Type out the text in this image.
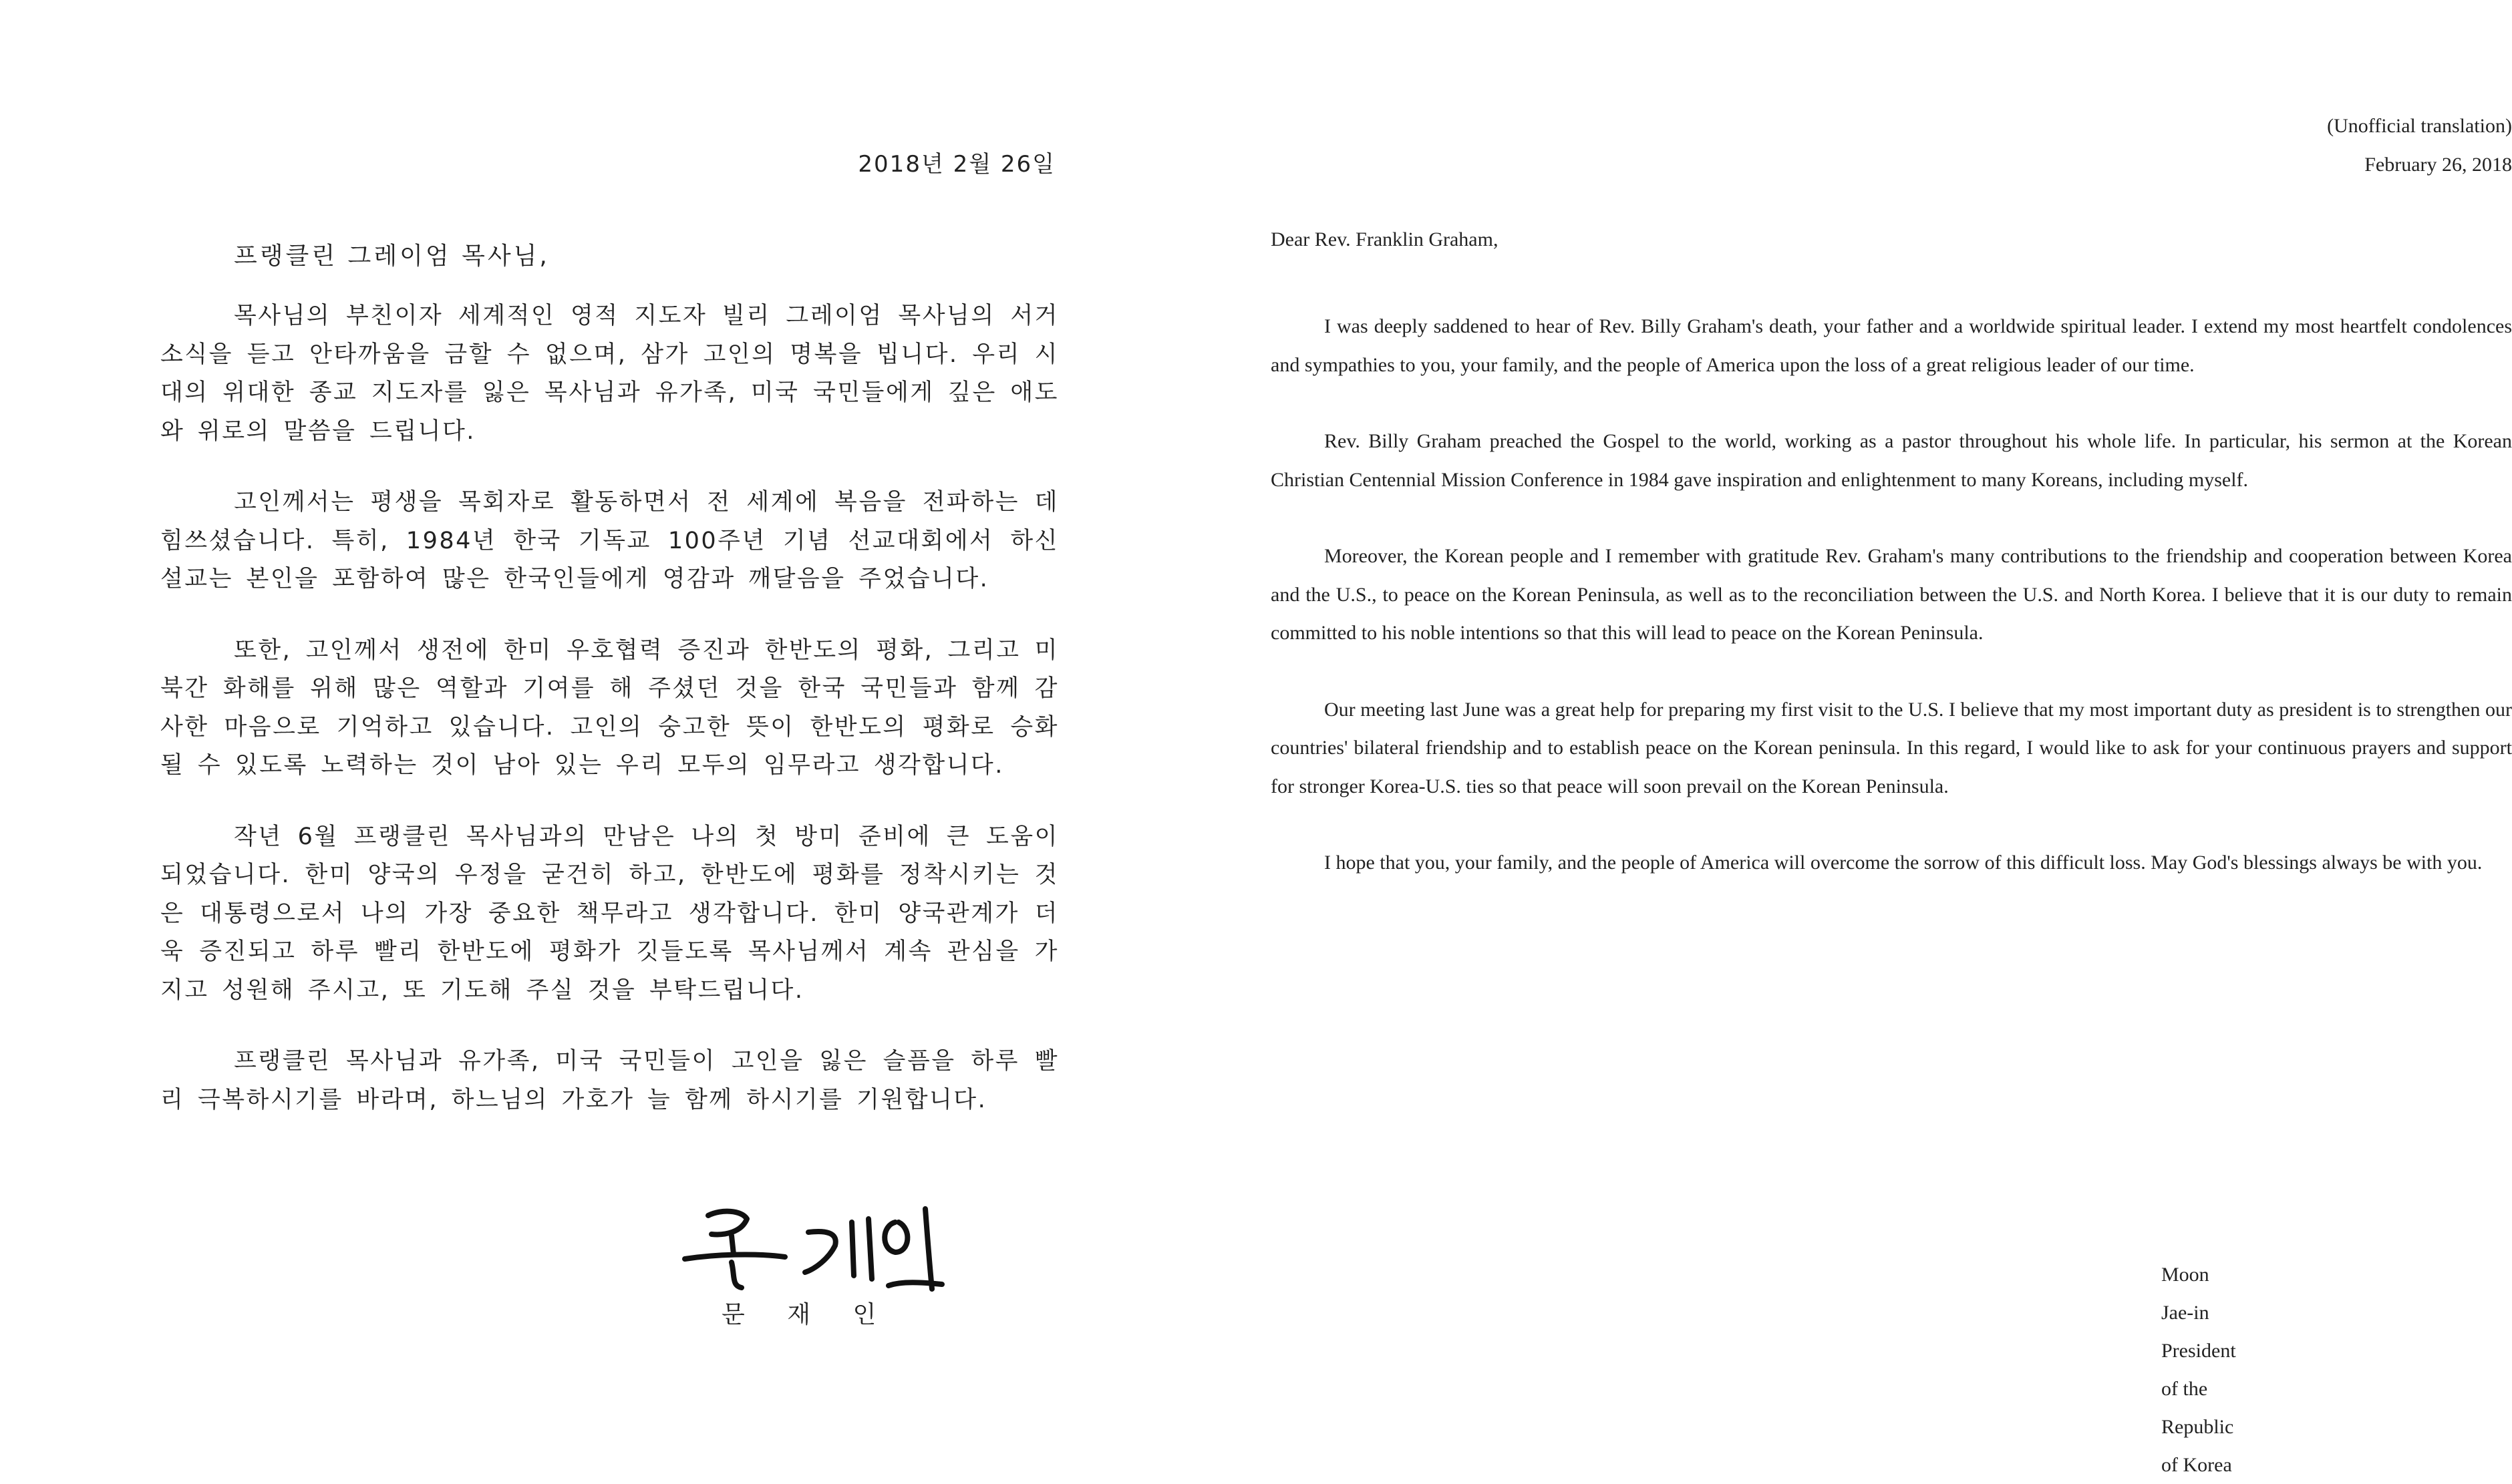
2018년 2월 26일
프랭클린 그레이엄 목사님,

목사님의 부친이자 세계적인 영적 지도자 빌리 그레이엄 목사님의 서거 소식을 듣고 안타까움을 금할 수 없으며, 삼가 고인의 명복을 빕니다. 우리 시대의 위대한 종교 지도자를 잃은 목사님과 유가족, 미국 국민들에게 깊은 애도와 위로의 말씀을 드립니다.

고인께서는 평생을 목회자로 활동하면서 전 세계에 복음을 전파하는 데 힘쓰셨습니다. 특히, 1984년 한국 기독교 100주년 기념 선교대회에서 하신 설교는 본인을 포함하여 많은 한국인들에게 영감과 깨달음을 주었습니다.

또한, 고인께서 생전에 한미 우호협력 증진과 한반도의 평화, 그리고 미북간 화해를 위해 많은 역할과 기여를 해 주셨던 것을 한국 국민들과 함께 감사한 마음으로 기억하고 있습니다. 고인의 숭고한 뜻이 한반도의 평화로 승화될 수 있도록 노력하는 것이 남아 있는 우리 모두의 임무라고 생각합니다.

작년 6월 프랭클린 목사님과의 만남은 나의 첫 방미 준비에 큰 도움이 되었습니다. 한미 양국의 우정을 굳건히 하고, 한반도에 평화를 정착시키는 것은 대통령으로서 나의 가장 중요한 책무라고 생각합니다. 한미 양국관계가 더욱 증진되고 하루 빨리 한반도에 평화가 깃들도록 목사님께서 계속 관심을 가지고 성원해 주시고, 또 기도해 주실 것을 부탁드립니다.

프랭클린 목사님과 유가족, 미국 국민들이 고인을 잃은 슬픔을 하루 빨리 극복하시기를 바라며, 하느님의 가호가 늘 함께 하시기를 기원합니다.

문 재 인
(Unofficial translation)
February 26, 2018
Dear Rev. Franklin Graham,

I was deeply saddened to hear of Rev. Billy Graham's death, your father and a worldwide spiritual leader. I extend my most heartfelt condolences and sympathies to you, your family, and the people of America upon the loss of a great religious leader of our time.

Rev. Billy Graham preached the Gospel to the world, working as a pastor throughout his whole life. In particular, his sermon at the Korean Christian Centennial Mission Conference in 1984 gave inspiration and enlightenment to many Koreans, including myself.

Moreover, the Korean people and I remember with gratitude Rev. Graham's many contributions to the friendship and cooperation between Korea and the U.S., to peace on the Korean Peninsula, as well as to the reconciliation between the U.S. and North Korea. I believe that it is our duty to remain committed to his noble intentions so that this will lead to peace on the Korean Peninsula.

Our meeting last June was a great help for preparing my first visit to the U.S. I believe that my most important duty as president is to strengthen our countries' bilateral friendship and to establish peace on the Korean peninsula. In this regard, I would like to ask for your continuous prayers and support for stronger Korea-U.S. ties so that peace will soon prevail on the Korean Peninsula.

I hope that you, your family, and the people of America will overcome the sorrow of this difficult loss. May God's blessings always be with you.

Moon Jae-in
President of the Republic of Korea
